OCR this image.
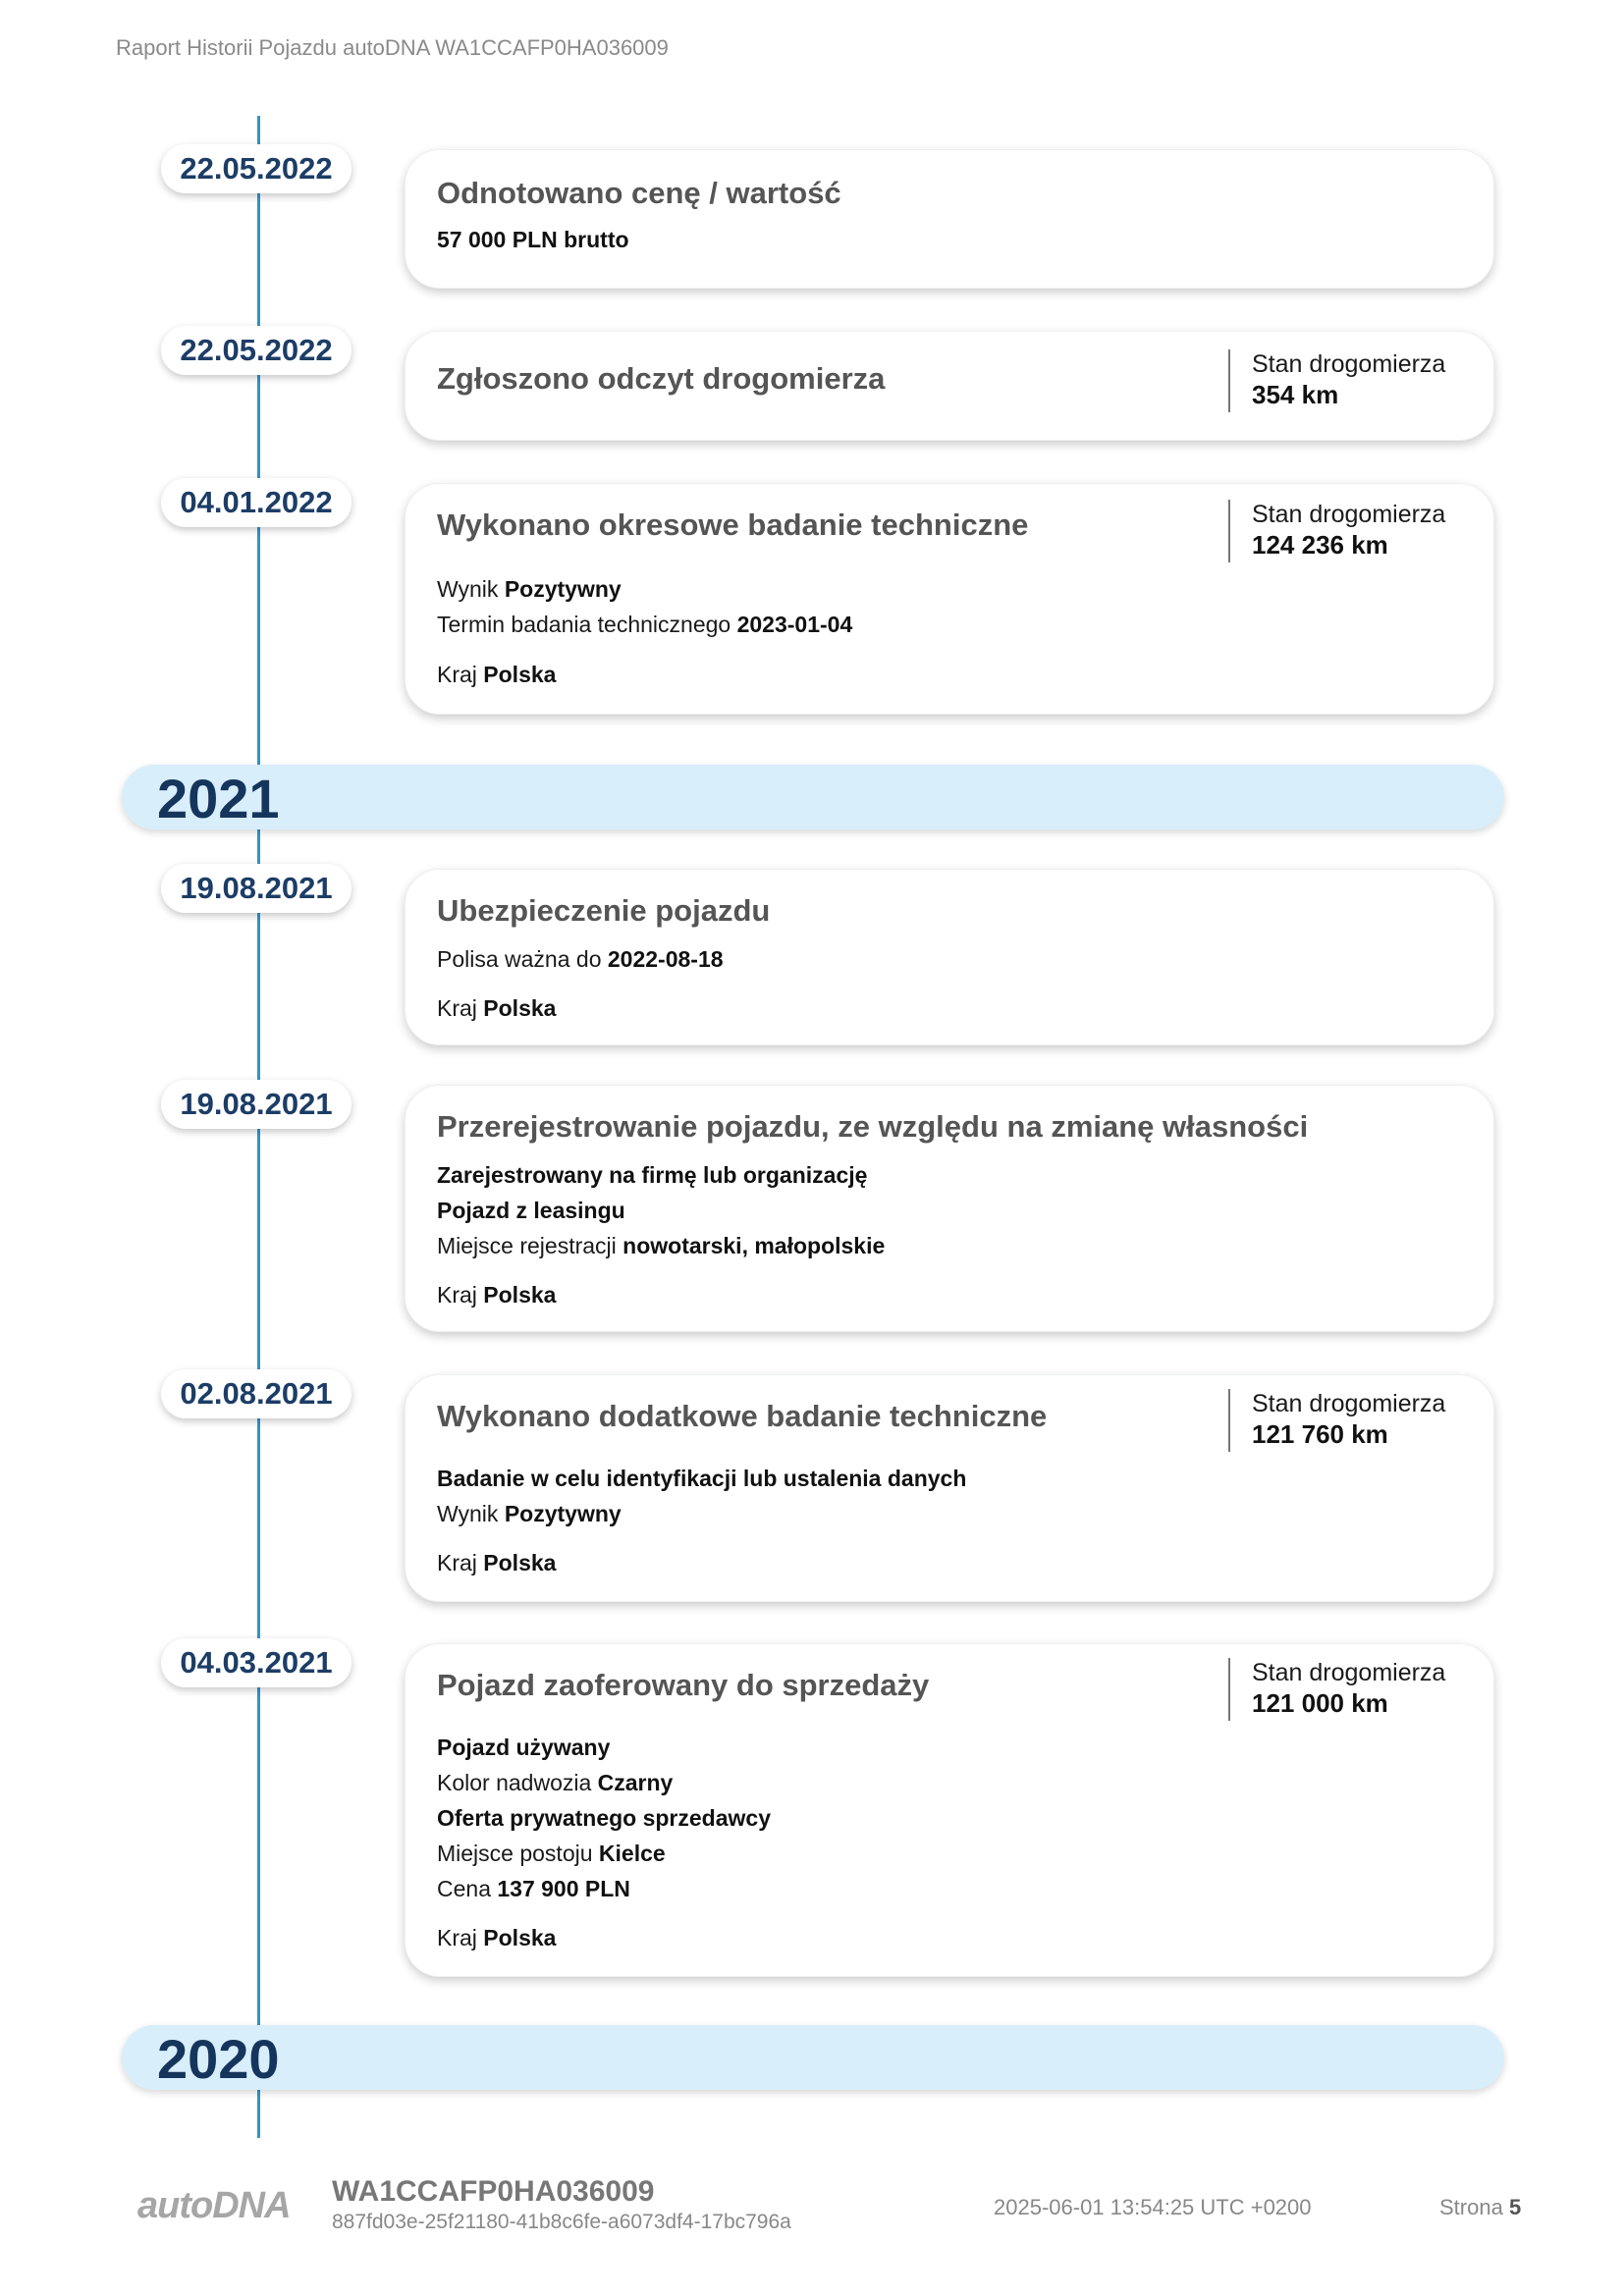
Raport Historii Pojazdu autoDNA WA1CCAFP0HA036009
22.05.2022
Odnotowano cenę / wartość
57 000 PLN brutto
22.05.2022
Zgłoszono odczyt drogomierza	Stan drogomierza
354 km
04.01.2022
Wykonano okresowe badanie techniczne	Stan drogomierza
124 236 km
Wynik Pozytywny
Termin badania technicznego 2023-01-04
Kraj Polska
2021
19.08.2021
Ubezpieczenie pojazdu
Polisa ważna do 2022-08-18
Kraj Polska
19.08.2021
Przerejestrowanie pojazdu, ze względu na zmianę własności
Zarejestrowany na firmę lub organizację
Pojazd z leasingu
Miejsce rejestracji nowotarski, małopolskie
Kraj Polska
02.08.2021
Wykonano dodatkowe badanie techniczne	Stan drogomierza
121 760 km
Badanie w celu identyfikacji lub ustalenia danych
Wynik Pozytywny
Kraj Polska
04.03.2021
Pojazd zaoferowany do sprzedaży	Stan drogomierza
121 000 km
Pojazd używany
Kolor nadwozia Czarny
Oferta prywatnego sprzedawcy
Miejsce postoju Kielce
Cena 137 900 PLN
Kraj Polska
2020
autoDNA WA1CCAFP0HA036009
887fd03e-25f21180-41b8c6fe-a6073df4-17bc796a
2025-06-01 13:54:25 UTC +0200	Strona 5
